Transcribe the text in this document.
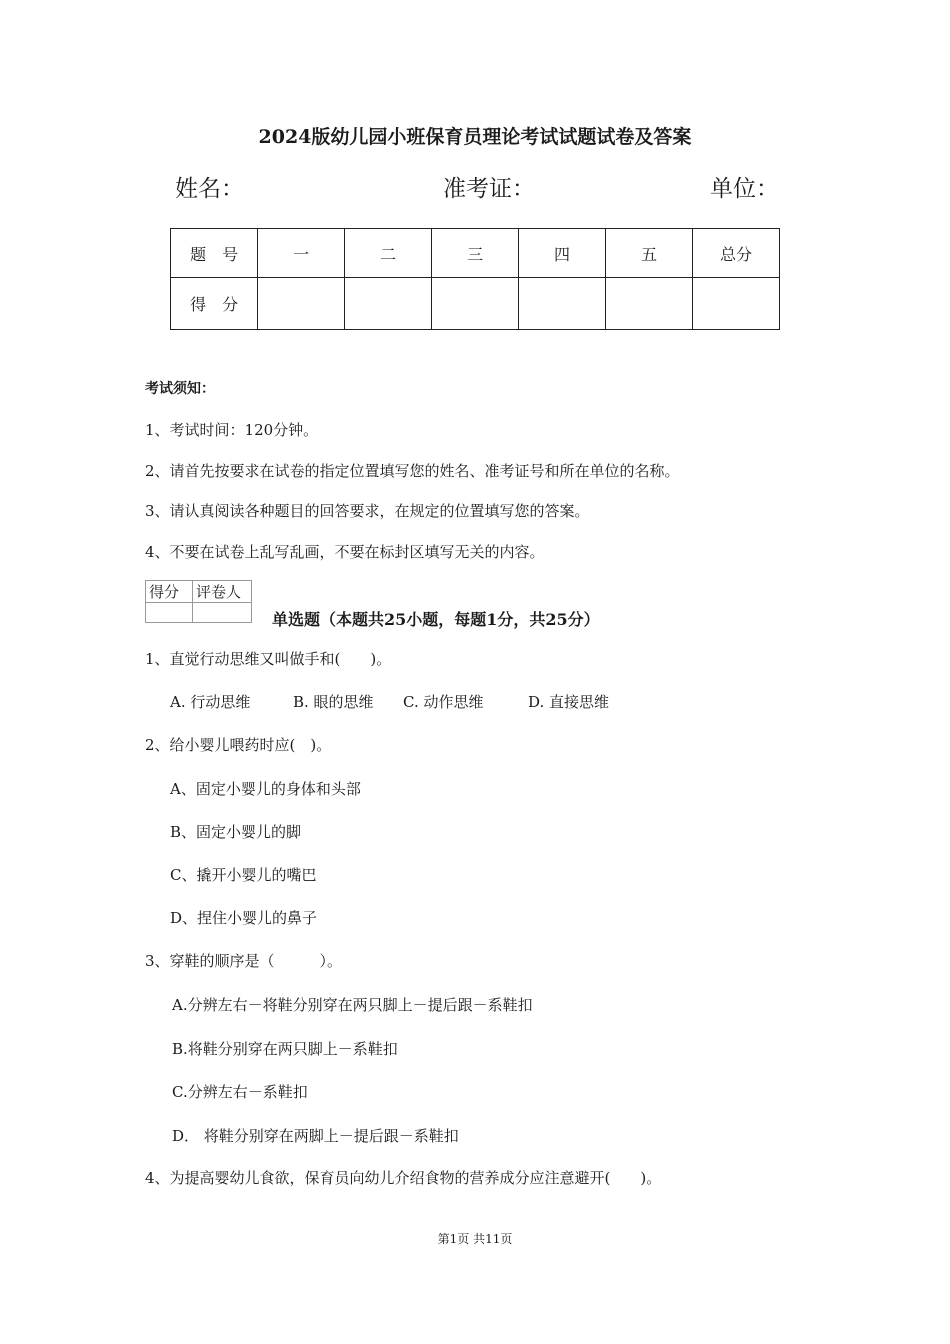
2024版幼儿园小班保育员理论考试试题试卷及答案
姓名：	准考证：	单位：
题　号	一	二	三	四	五	总分
得　分						
考试须知：
1、考试时间：120分钟。
2、请首先按要求在试卷的指定位置填写您的姓名、准考证号和所在单位的名称。
3、请认真阅读各种题目的回答要求，在规定的位置填写您的答案。
4、不要在试卷上乱写乱画，不要在标封区填写无关的内容。
得分	评卷人

单选题（本题共25小题，每题1分，共25分）
1、直觉行动思维又叫做手和(　　)。
A. 行动思维	B. 眼的思维 C. 动作思维	D. 直接思维
2、给小婴儿喂药时应(　)。
A、固定小婴儿的身体和头部
B、固定小婴儿的脚
C、撬开小婴儿的嘴巴
D、捏住小婴儿的鼻子
3、穿鞋的顺序是（　　　）。
A.分辨左右－将鞋分别穿在两只脚上－提后跟－系鞋扣
B.将鞋分别穿在两只脚上－系鞋扣
C.分辨左右－系鞋扣
D． 将鞋分别穿在两脚上－提后跟－系鞋扣
4、为提高婴幼儿食欲，保育员向幼儿介绍食物的营养成分应注意避开(　　)。
第1页 共11页
